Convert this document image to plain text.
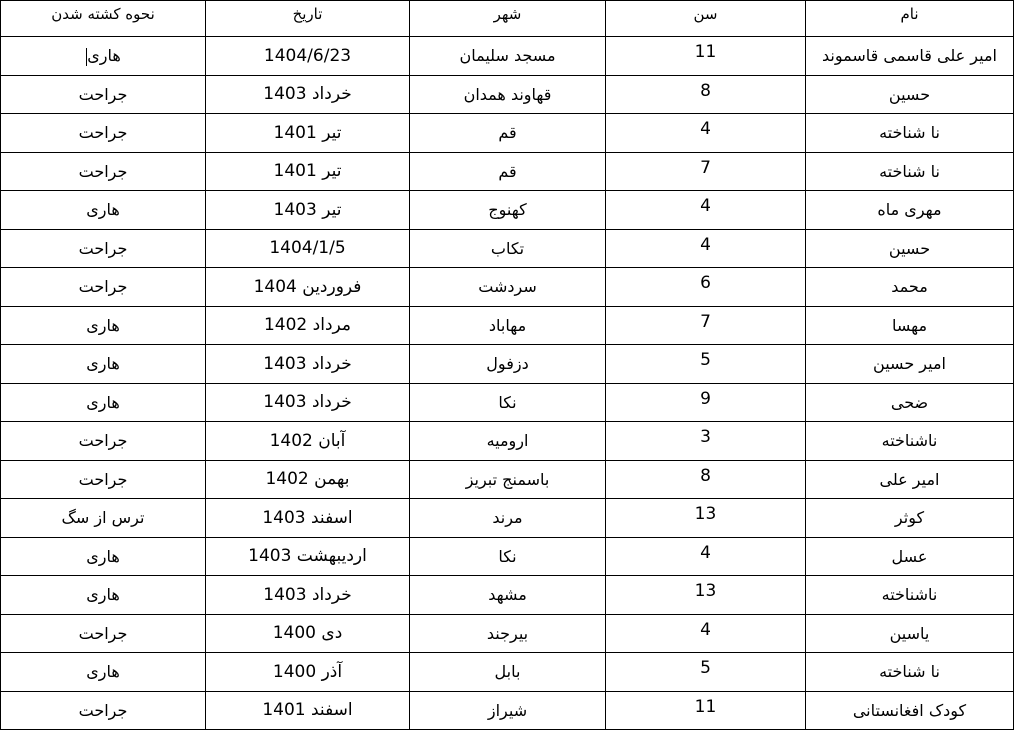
نام	سن	شهر	تاریخ	نحوه کشته شدن
امیر علی قاسمی قاسموند	11	مسجد سلیمان	1404/6/23	هاری
حسین	8	قهاوند همدان	خرداد 1403	جراحت
نا شناخته	4	قم	تیر 1401	جراحت
نا شناخته	7	قم	تیر 1401	جراحت
مهری ماه	4	کهنوج	تیر 1403	هاری
حسین	4	تکاب	1404/1/5	جراحت
محمد	6	سردشت	فروردین 1404	جراحت
مهسا	7	مهاباد	مرداد 1402	هاری
امیر حسین	5	دزفول	خرداد 1403	هاری
ضحی	9	نکا	خرداد 1403	هاری
ناشناخته	3	ارومیه	آبان 1402	جراحت
امیر علی	8	باسمنج تبریز	بهمن 1402	جراحت
کوثر	13	مرند	اسفند 1403	ترس از سگ
عسل	4	نکا	اردیبهشت 1403	هاری
ناشناخته	13	مشهد	خرداد 1403	هاری
یاسین	4	بیرجند	دی 1400	جراحت
نا شناخته	5	بابل	آذر 1400	هاری
کودک افغانستانی	11	شیراز	اسفند 1401	جراحت
